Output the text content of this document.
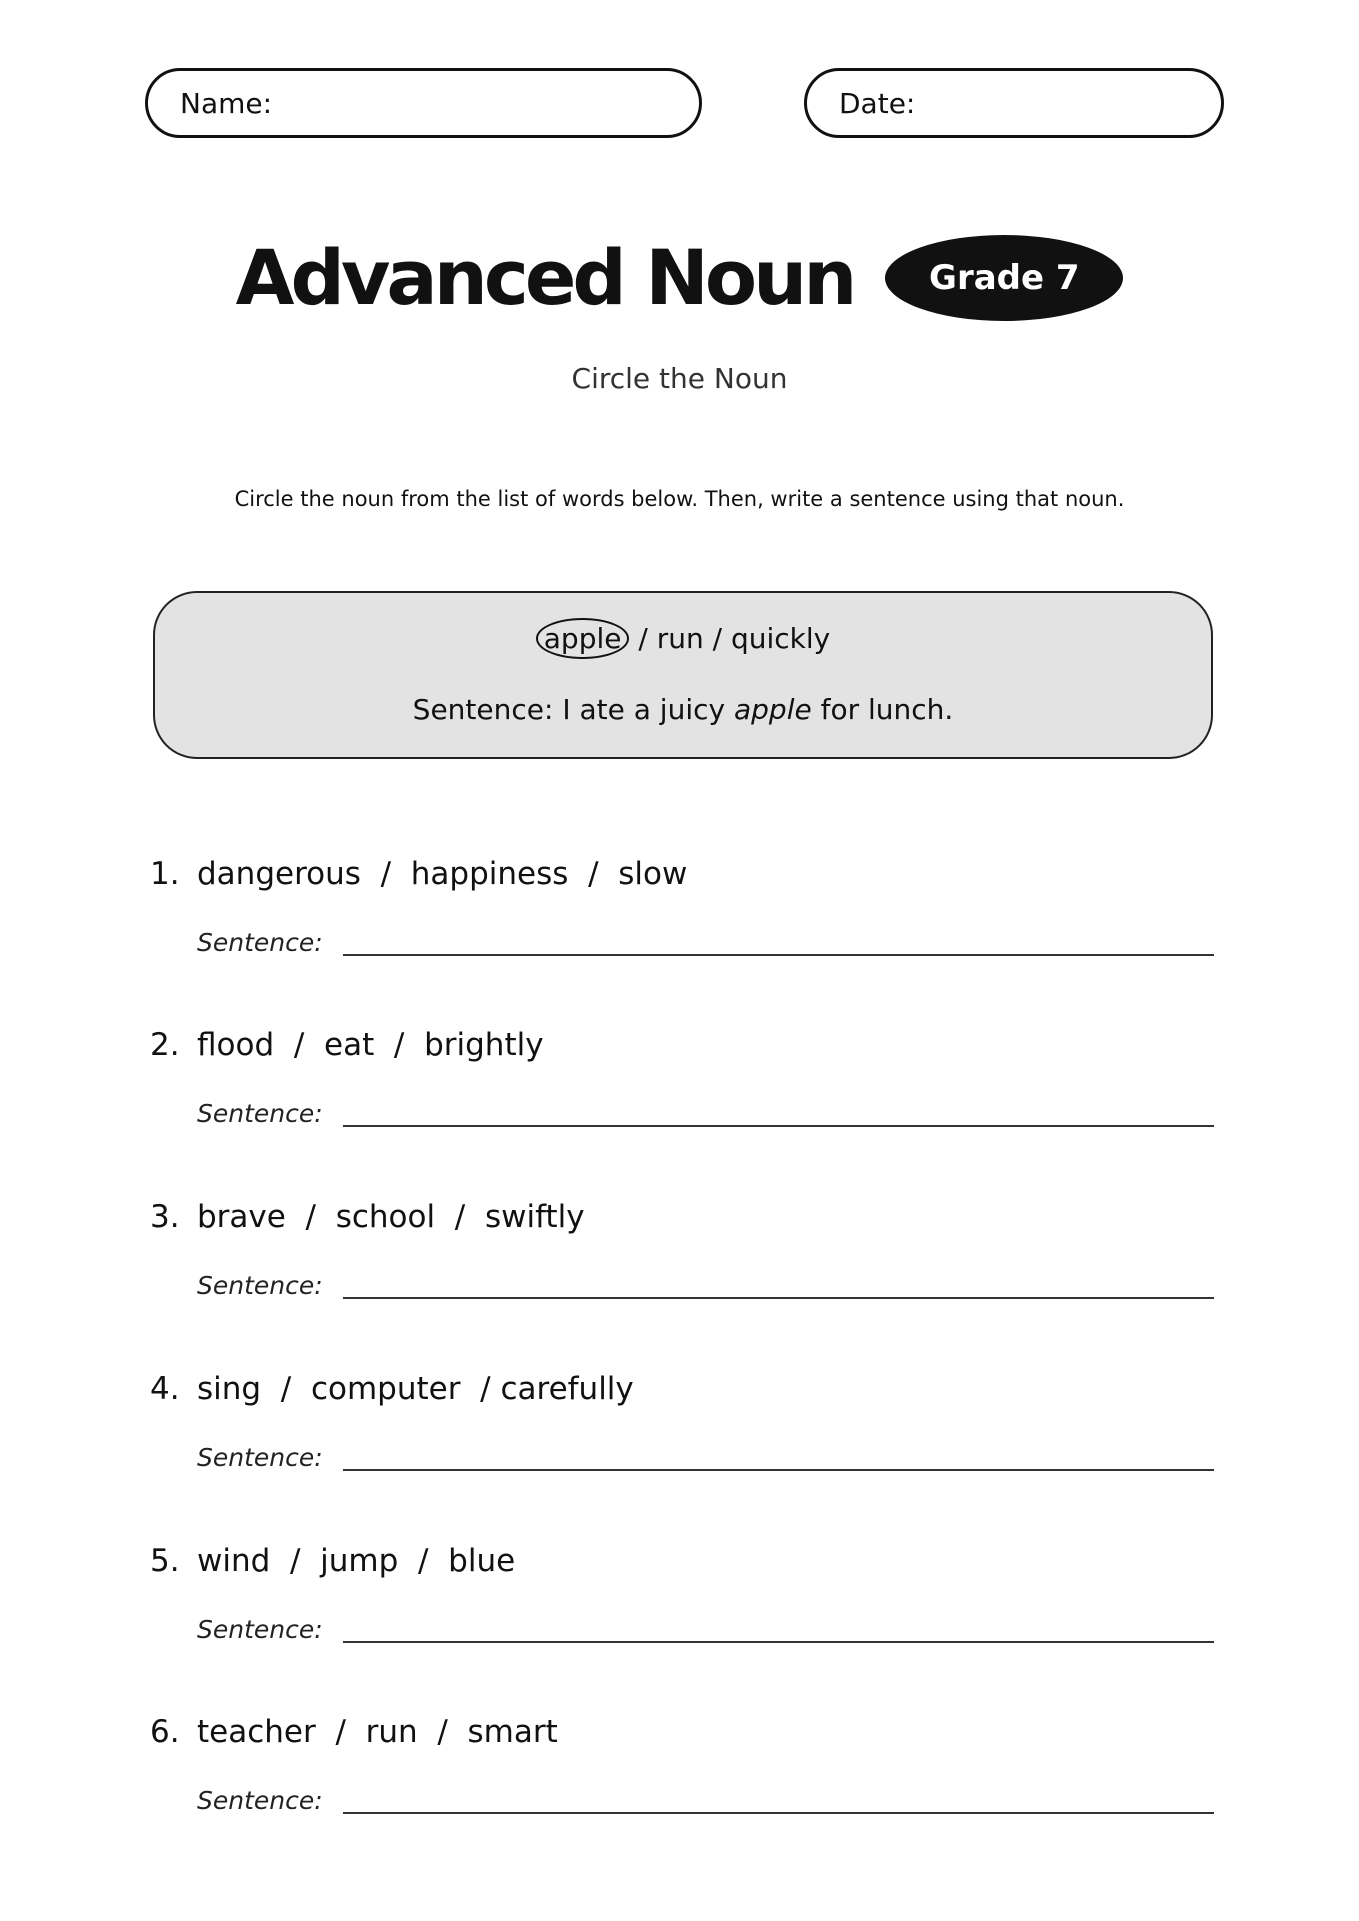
Name:	Date:
Advanced Noun	Grade 7
Circle the Noun
Circle the noun from the list of words below. Then, write a sentence using that noun.
apple / run / quickly
Sentence: I ate a juicy apple for lunch.
1. dangerous  /  happiness  /  slow
Sentence:
2. flood  /  eat  /  brightly
Sentence:
3. brave  /  school  /  swiftly
Sentence:
4. sing  /  computer  / carefully
Sentence:
5. wind  /  jump  /  blue
Sentence:
6. teacher  /  run  /  smart
Sentence:
